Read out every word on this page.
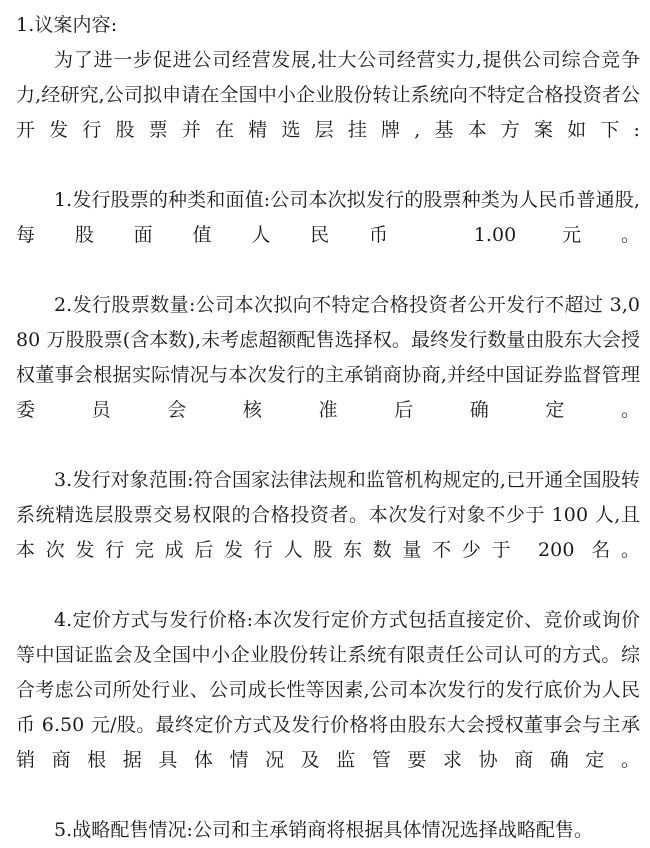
1.议案内容:

为了进一步促进公司经营发展,壮大公司经营实力,提供公司综合竞争力,经研究,公司拟申请在全国中小企业股份转让系统向不特定合格投资者公开发行股票并在精选层挂牌,基本方案如下:

1.发行股票的种类和面值:公司本次拟发行的股票种类为人民币普通股,每股面值人民币 1.00 元。

2.发行股票数量:公司本次拟向不特定合格投资者公开发行不超过 3,080 万股股票(含本数),未考虑超额配售选择权。最终发行数量由股东大会授权董事会根据实际情况与本次发行的主承销商协商,并经中国证券监督管理委员会核准后确定。

3.发行对象范围:符合国家法律法规和监管机构规定的,已开通全国股转系统精选层股票交易权限的合格投资者。本次发行对象不少于 100 人,且本次发行完成后发行人股东数量不少于 200 名。

4.定价方式与发行价格:本次发行定价方式包括直接定价、竞价或询价等中国证监会及全国中小企业股份转让系统有限责任公司认可的方式。综合考虑公司所处行业、公司成长性等因素,公司本次发行的发行底价为人民币 6.50 元/股。最终定价方式及发行价格将由股东大会授权董事会与主承销商根据具体情况及监管要求协商确定。

5.战略配售情况:公司和主承销商将根据具体情况选择战略配售。
